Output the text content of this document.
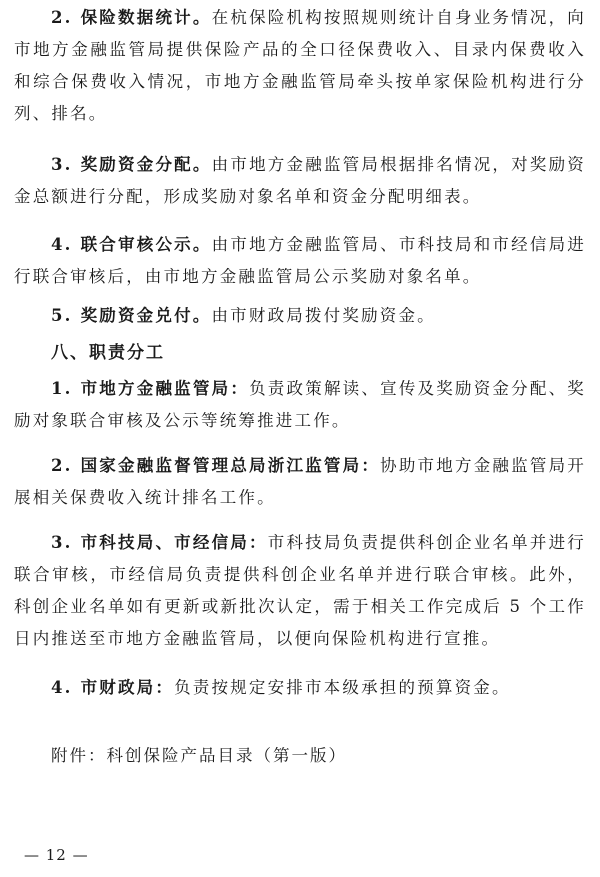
2. 保险数据统计。在杭保险机构按照规则统计自身业务情况，向市地方金融监管局提供保险产品的全口径保费收入、目录内保费收入和综合保费收入情况，市地方金融监管局牵头按单家保险机构进行分列、排名。

3. 奖励资金分配。由市地方金融监管局根据排名情况，对奖励资金总额进行分配，形成奖励对象名单和资金分配明细表。

4. 联合审核公示。由市地方金融监管局、市科技局和市经信局进行联合审核后，由市地方金融监管局公示奖励对象名单。

5. 奖励资金兑付。由市财政局拨付奖励资金。

八、职责分工

1. 市地方金融监管局：负责政策解读、宣传及奖励资金分配、奖励对象联合审核及公示等统筹推进工作。

2. 国家金融监督管理总局浙江监管局：协助市地方金融监管局开展相关保费收入统计排名工作。

3. 市科技局、市经信局：市科技局负责提供科创企业名单并进行联合审核，市经信局负责提供科创企业名单并进行联合审核。此外，科创企业名单如有更新或新批次认定，需于相关工作完成后 5 个工作日内推送至市地方金融监管局，以便向保险机构进行宣推。

4. 市财政局：负责按规定安排市本级承担的预算资金。

附件：科创保险产品目录（第一版）

— 12 —
